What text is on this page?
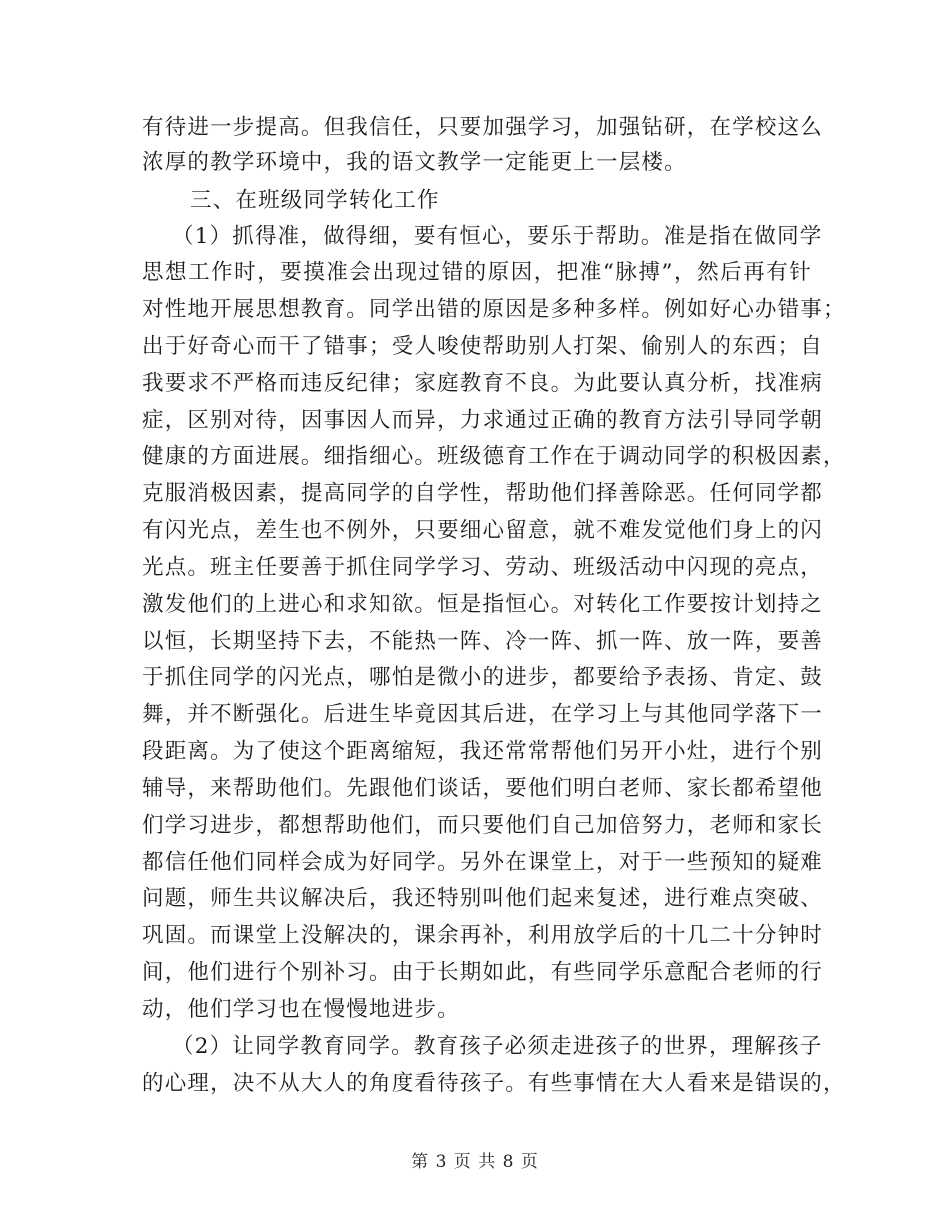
有待进一步提高。但我信任，只要加强学习，加强钻研，在学校这么
浓厚的教学环境中，我的语文教学一定能更上一层楼。
三、在班级同学转化工作
（1）抓得准，做得细，要有恒心，要乐于帮助。准是指在做同学
思想工作时，要摸准会出现过错的原因，把准“脉搏”，然后再有针
对性地开展思想教育。同学出错的原因是多种多样。例如好心办错事；
出于好奇心而干了错事；受人唆使帮助别人打架、偷别人的东西；自
我要求不严格而违反纪律；家庭教育不良。为此要认真分析，找准病
症，区别对待，因事因人而异，力求通过正确的教育方法引导同学朝
健康的方面进展。细指细心。班级德育工作在于调动同学的积极因素，
克服消极因素，提高同学的自学性，帮助他们择善除恶。任何同学都
有闪光点，差生也不例外，只要细心留意，就不难发觉他们身上的闪
光点。班主任要善于抓住同学学习、劳动、班级活动中闪现的亮点，
激发他们的上进心和求知欲。恒是指恒心。对转化工作要按计划持之
以恒，长期坚持下去，不能热一阵、冷一阵、抓一阵、放一阵，要善
于抓住同学的闪光点，哪怕是微小的进步，都要给予表扬、肯定、鼓
舞，并不断强化。后进生毕竟因其后进，在学习上与其他同学落下一
段距离。为了使这个距离缩短，我还常常帮他们另开小灶，进行个别
辅导，来帮助他们。先跟他们谈话，要他们明白老师、家长都希望他
们学习进步，都想帮助他们，而只要他们自己加倍努力，老师和家长
都信任他们同样会成为好同学。另外在课堂上，对于一些预知的疑难
问题，师生共议解决后，我还特别叫他们起来复述，进行难点突破、
巩固。而课堂上没解决的，课余再补，利用放学后的十几二十分钟时
间，他们进行个别补习。由于长期如此，有些同学乐意配合老师的行
动，他们学习也在慢慢地进步。
（2）让同学教育同学。教育孩子必须走进孩子的世界，理解孩子
的心理，决不从大人的角度看待孩子。有些事情在大人看来是错误的，
第 3 页 共 8 页
